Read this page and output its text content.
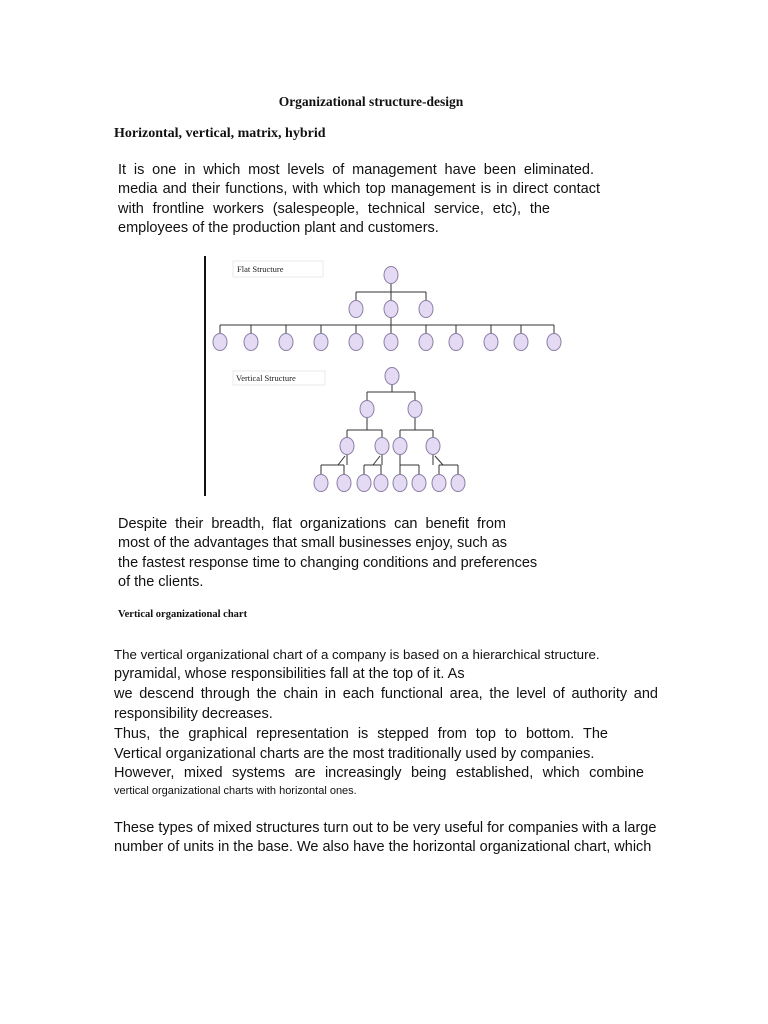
Organizational structure-design
Horizontal, vertical, matrix, hybrid
It is one in which most levels of management have been eliminated.
media and their functions, with which top management is in direct contact
with frontline workers (salespeople, technical service, etc), the
employees of the production plant and customers.
Flat Structure
Vertical Structure
Despite their breadth, flat organizations can benefit from
most of the advantages that small businesses enjoy, such as
the fastest response time to changing conditions and preferences
of the clients.
Vertical organizational chart
The vertical organizational chart of a company is based on a hierarchical structure.
pyramidal, whose responsibilities fall at the top of it. As
we descend through the chain in each functional area, the level of authority and
responsibility decreases.
Thus, the graphical representation is stepped from top to bottom. The
Vertical organizational charts are the most traditionally used by companies.
However, mixed systems are increasingly being established, which combine
vertical organizational charts with horizontal ones.
These types of mixed structures turn out to be very useful for companies with a large
number of units in the base. We also have the horizontal organizational chart, which
